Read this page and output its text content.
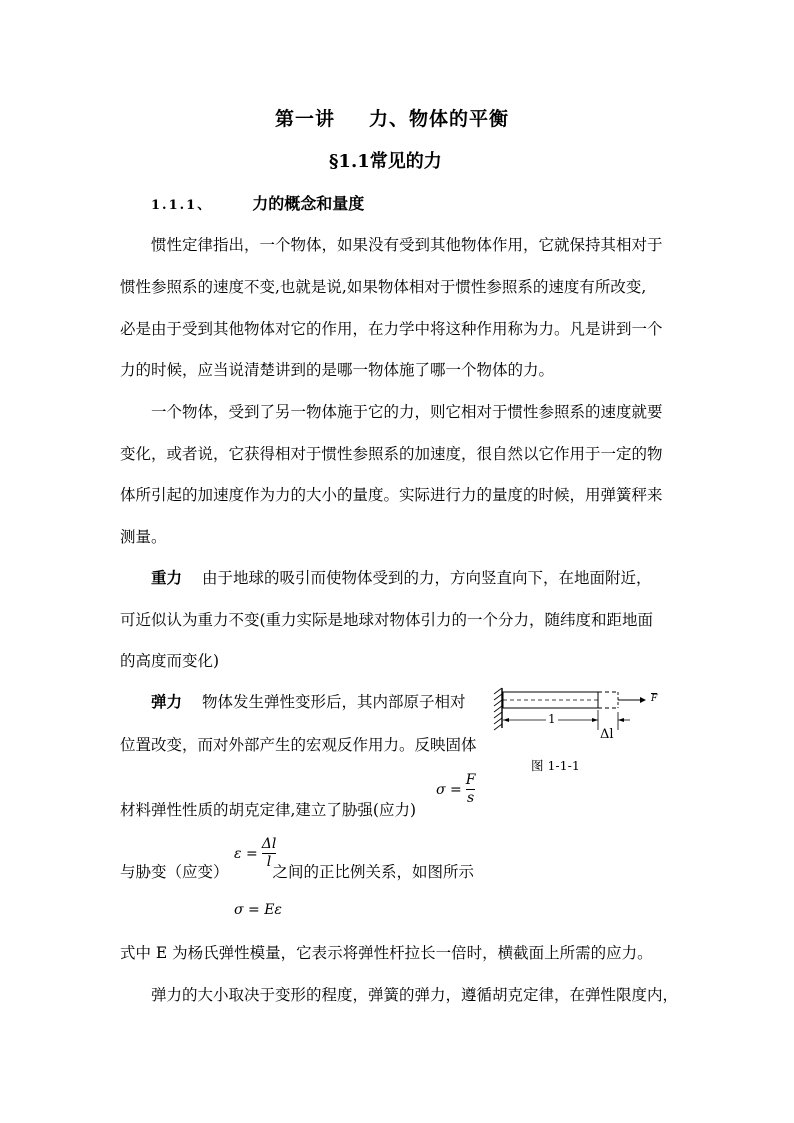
第一讲 力、物体的平衡
§1.1常见的力
1.1.1、	力的概念和量度
惯性定律指出，一个物体，如果没有受到其他物体作用，它就保持其相对于
惯性参照系的速度不变,也就是说,如果物体相对于惯性参照系的速度有所改变,
必是由于受到其他物体对它的作用，在力学中将这种作用称为力。凡是讲到一个
力的时候，应当说清楚讲到的是哪一物体施了哪一个物体的力。
一个物体，受到了另一物体施于它的力，则它相对于惯性参照系的速度就要
变化，或者说，它获得相对于惯性参照系的加速度，很自然以它作用于一定的物
体所引起的加速度作为力的大小的量度。实际进行力的量度的时候，用弹簧秤来
测量。
重力 由于地球的吸引而使物体受到的力，方向竖直向下，在地面附近，
可近似认为重力不变(重力实际是地球对物体引力的一个分力，随纬度和距地面
的高度而变化)
弹力 物体发生弹性变形后，其内部原子相对
位置改变，而对外部产生的宏观反作用力。反映固体
1
Δl
$\overline{F}$
图 1-1-1
材料弹性性质的胡克定律,建立了胁强(应力)
$\sigma = \frac{F}{s}$
与胁变（应变）	之间的正比例关系，如图所示
$\varepsilon = \frac{\Delta l}{l}$
σ = Eε
式中 E 为杨氏弹性模量，它表示将弹性杆拉长一倍时，横截面上所需的应力。
弹力的大小取决于变形的程度，弹簧的弹力，遵循胡克定律，在弹性限度内，
